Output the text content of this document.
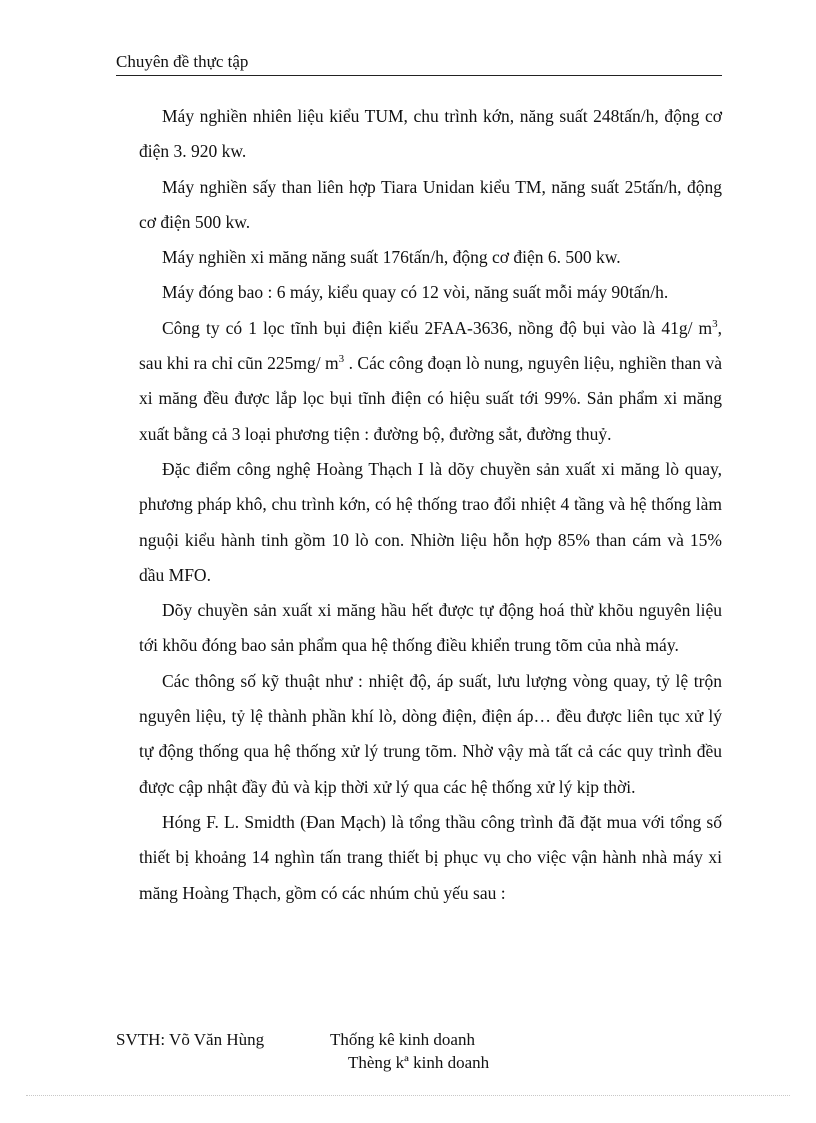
Chuyên đề thực tập

Máy nghiền nhiên liệu kiểu TUM, chu trình kớn, năng suất 248tấn/h, động cơ điện 3. 920 kw.

Máy nghiền sấy than liên hợp Tiara Unidan kiểu TM, năng suất 25tấn/h, động cơ điện 500 kw.

Máy nghiền xi măng năng suất 176tấn/h, động cơ điện 6. 500 kw.

Máy đóng bao : 6 máy, kiểu quay có 12 vòi, năng suất mỗi máy 90tấn/h.

Công ty có 1 lọc tĩnh bụi điện kiểu 2FAA-3636, nồng độ bụi vào là 41g/ $m^3$, sau khi ra chỉ cũn 225mg/ $m^3$ . Các công đoạn lò nung, nguyên liệu, nghiền than và xi măng đều được lắp lọc bụi tĩnh điện có hiệu suất tới 99%. Sản phẩm xi măng xuất bằng cả 3 loại phương tiện : đường bộ, đường sắt, đường thuỷ.

Đặc điểm công nghệ Hoàng Thạch I là dõy chuyền sản xuất xi măng lò quay, phương pháp khô, chu trình kớn, có hệ thống trao đổi nhiệt 4 tầng và hệ thống làm nguội kiểu hành tinh gồm 10 lò con. Nhiờn liệu hỗn hợp 85% than cám và 15% dầu MFO.

Dõy chuyền sản xuất xi măng hầu hết được tự động hoá thừ khõu nguyên liệu tới khõu đóng bao sản phẩm qua hệ thống điều khiển trung tõm của nhà máy.

Các thông số kỹ thuật như : nhiệt độ, áp suất, lưu lượng vòng quay, tỷ lệ trộn nguyên liệu, tỷ lệ thành phần khí lò, dòng điện, điện áp… đều được liên tục xử lý tự động thống qua hệ thống xử lý trung tõm. Nhờ vậy mà tất cả các quy trình đều được cập nhật đầy đủ và kịp thời xử lý qua các hệ thống xử lý kịp thời.

Hóng F. L. Smidth (Đan Mạch) là tổng thầu công trình đã đặt mua với tổng số thiết bị khoảng 14 nghìn tấn trang thiết bị phục vụ cho việc vận hành nhà máy xi măng Hoàng Thạch, gồm có các nhúm chủ yếu sau :

SVTH: Võ Văn Hùng	Thống kê kinh doanh
Thèng kª kinh doanh
